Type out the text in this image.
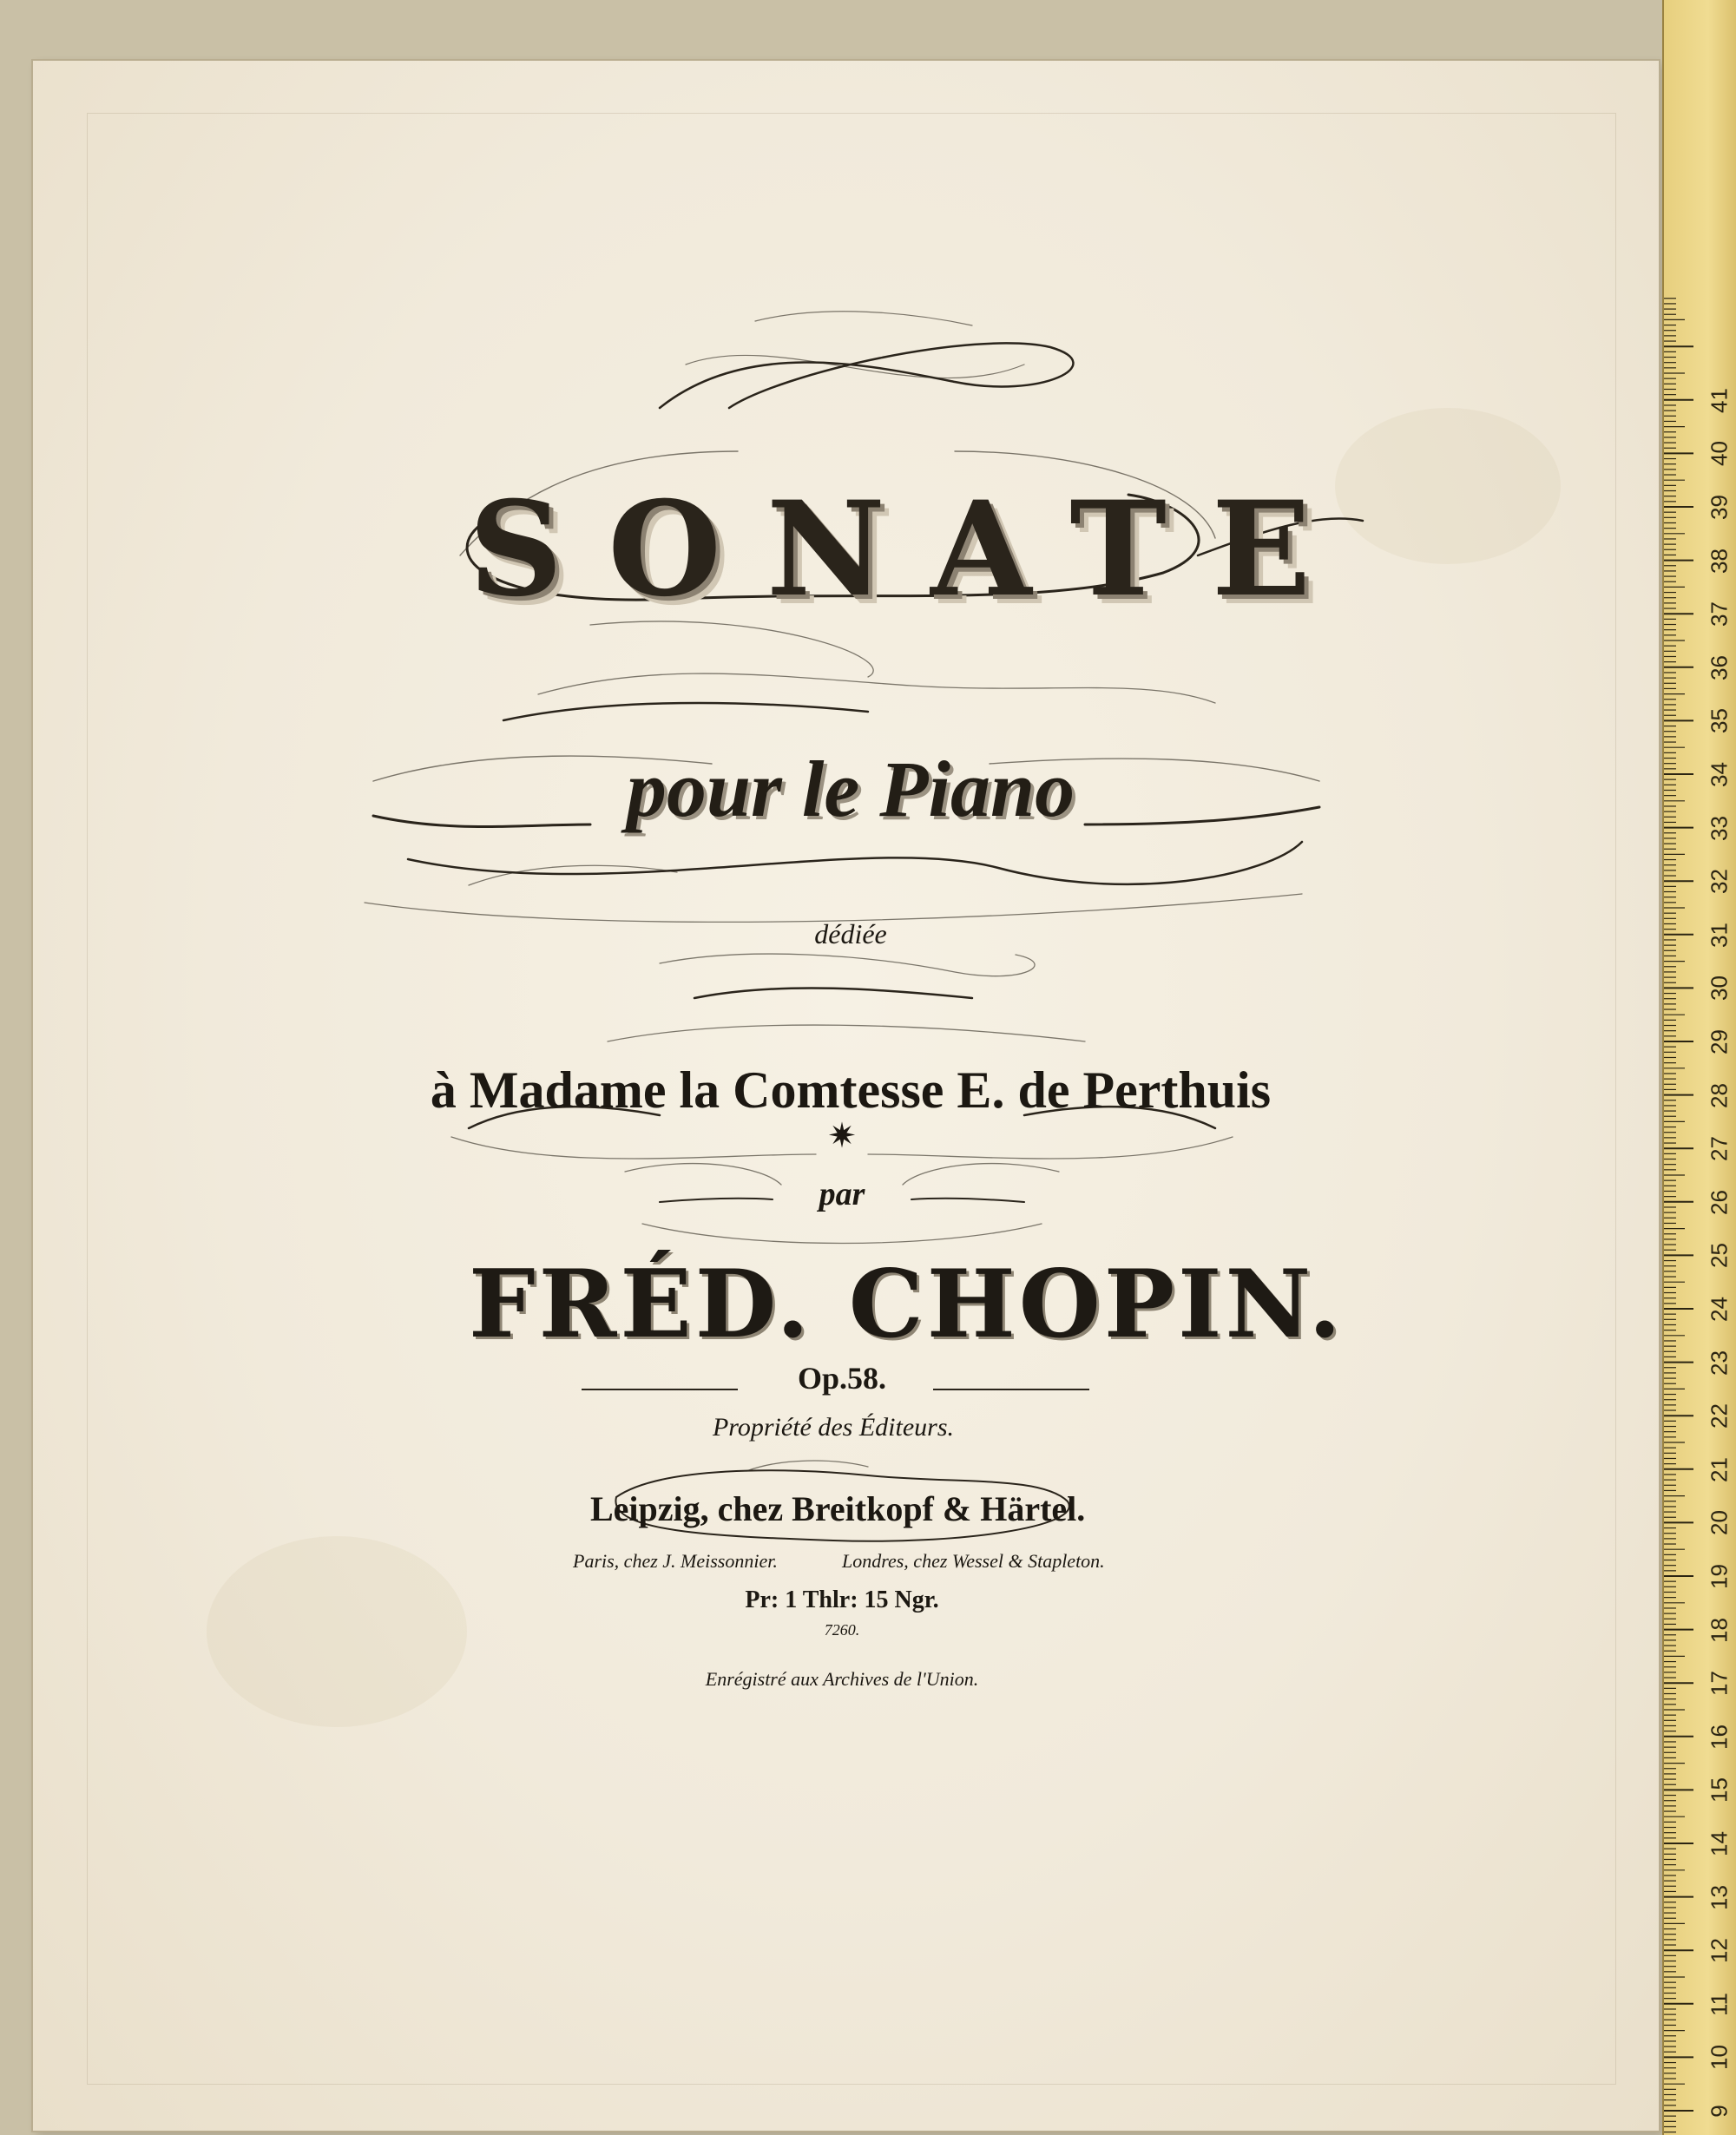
SONATE
pour le Piano
dédiée
à Madame la Comtesse E. de Perthuis
✷
par
FRÉD. CHOPIN.
Op.58.
Propriété des Éditeurs.
Leipzig, chez Breitkopf & Härtel.
Paris, chez J. Meissonnier.	Londres, chez Wessel & Stapleton.
Pr: 1 Thlr: 15 Ngr.
7260.
Enrégistré aux Archives de l'Union.
9
10
11
12
13
14
15
16
17
18
19
20
21
22
23
24
25
26
27
28
29
30
31
32
33
34
35
36
37
38
39
40
41
